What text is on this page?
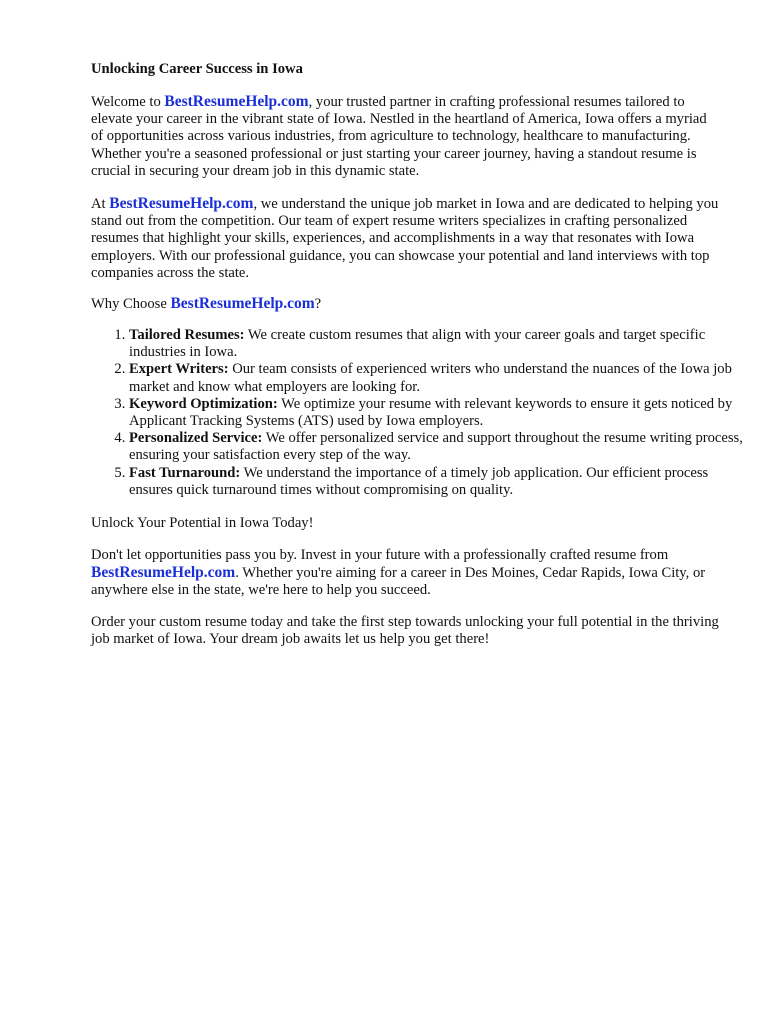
Unlocking Career Success in Iowa

Welcome to BestResumeHelp.com, your trusted partner in crafting professional resumes tailored to elevate your career in the vibrant state of Iowa. Nestled in the heartland of America, Iowa offers a myriad of opportunities across various industries, from agriculture to technology, healthcare to manufacturing. Whether you're a seasoned professional or just starting your career journey, having a standout resume is crucial in securing your dream job in this dynamic state.

At BestResumeHelp.com, we understand the unique job market in Iowa and are dedicated to helping you stand out from the competition. Our team of expert resume writers specializes in crafting personalized resumes that highlight your skills, experiences, and accomplishments in a way that resonates with Iowa employers. With our professional guidance, you can showcase your potential and land interviews with top companies across the state.

Why Choose BestResumeHelp.com?

1. Tailored Resumes: We create custom resumes that align with your career goals and target specific industries in Iowa.
2. Expert Writers: Our team consists of experienced writers who understand the nuances of the Iowa job market and know what employers are looking for.
3. Keyword Optimization: We optimize your resume with relevant keywords to ensure it gets noticed by Applicant Tracking Systems (ATS) used by Iowa employers.
4. Personalized Service: We offer personalized service and support throughout the resume writing process, ensuring your satisfaction every step of the way.
5. Fast Turnaround: We understand the importance of a timely job application. Our efficient process ensures quick turnaround times without compromising on quality.

Unlock Your Potential in Iowa Today!

Don't let opportunities pass you by. Invest in your future with a professionally crafted resume from BestResumeHelp.com. Whether you're aiming for a career in Des Moines, Cedar Rapids, Iowa City, or anywhere else in the state, we're here to help you succeed.

Order your custom resume today and take the first step towards unlocking your full potential in the thriving job market of Iowa. Your dream job awaits let us help you get there!
